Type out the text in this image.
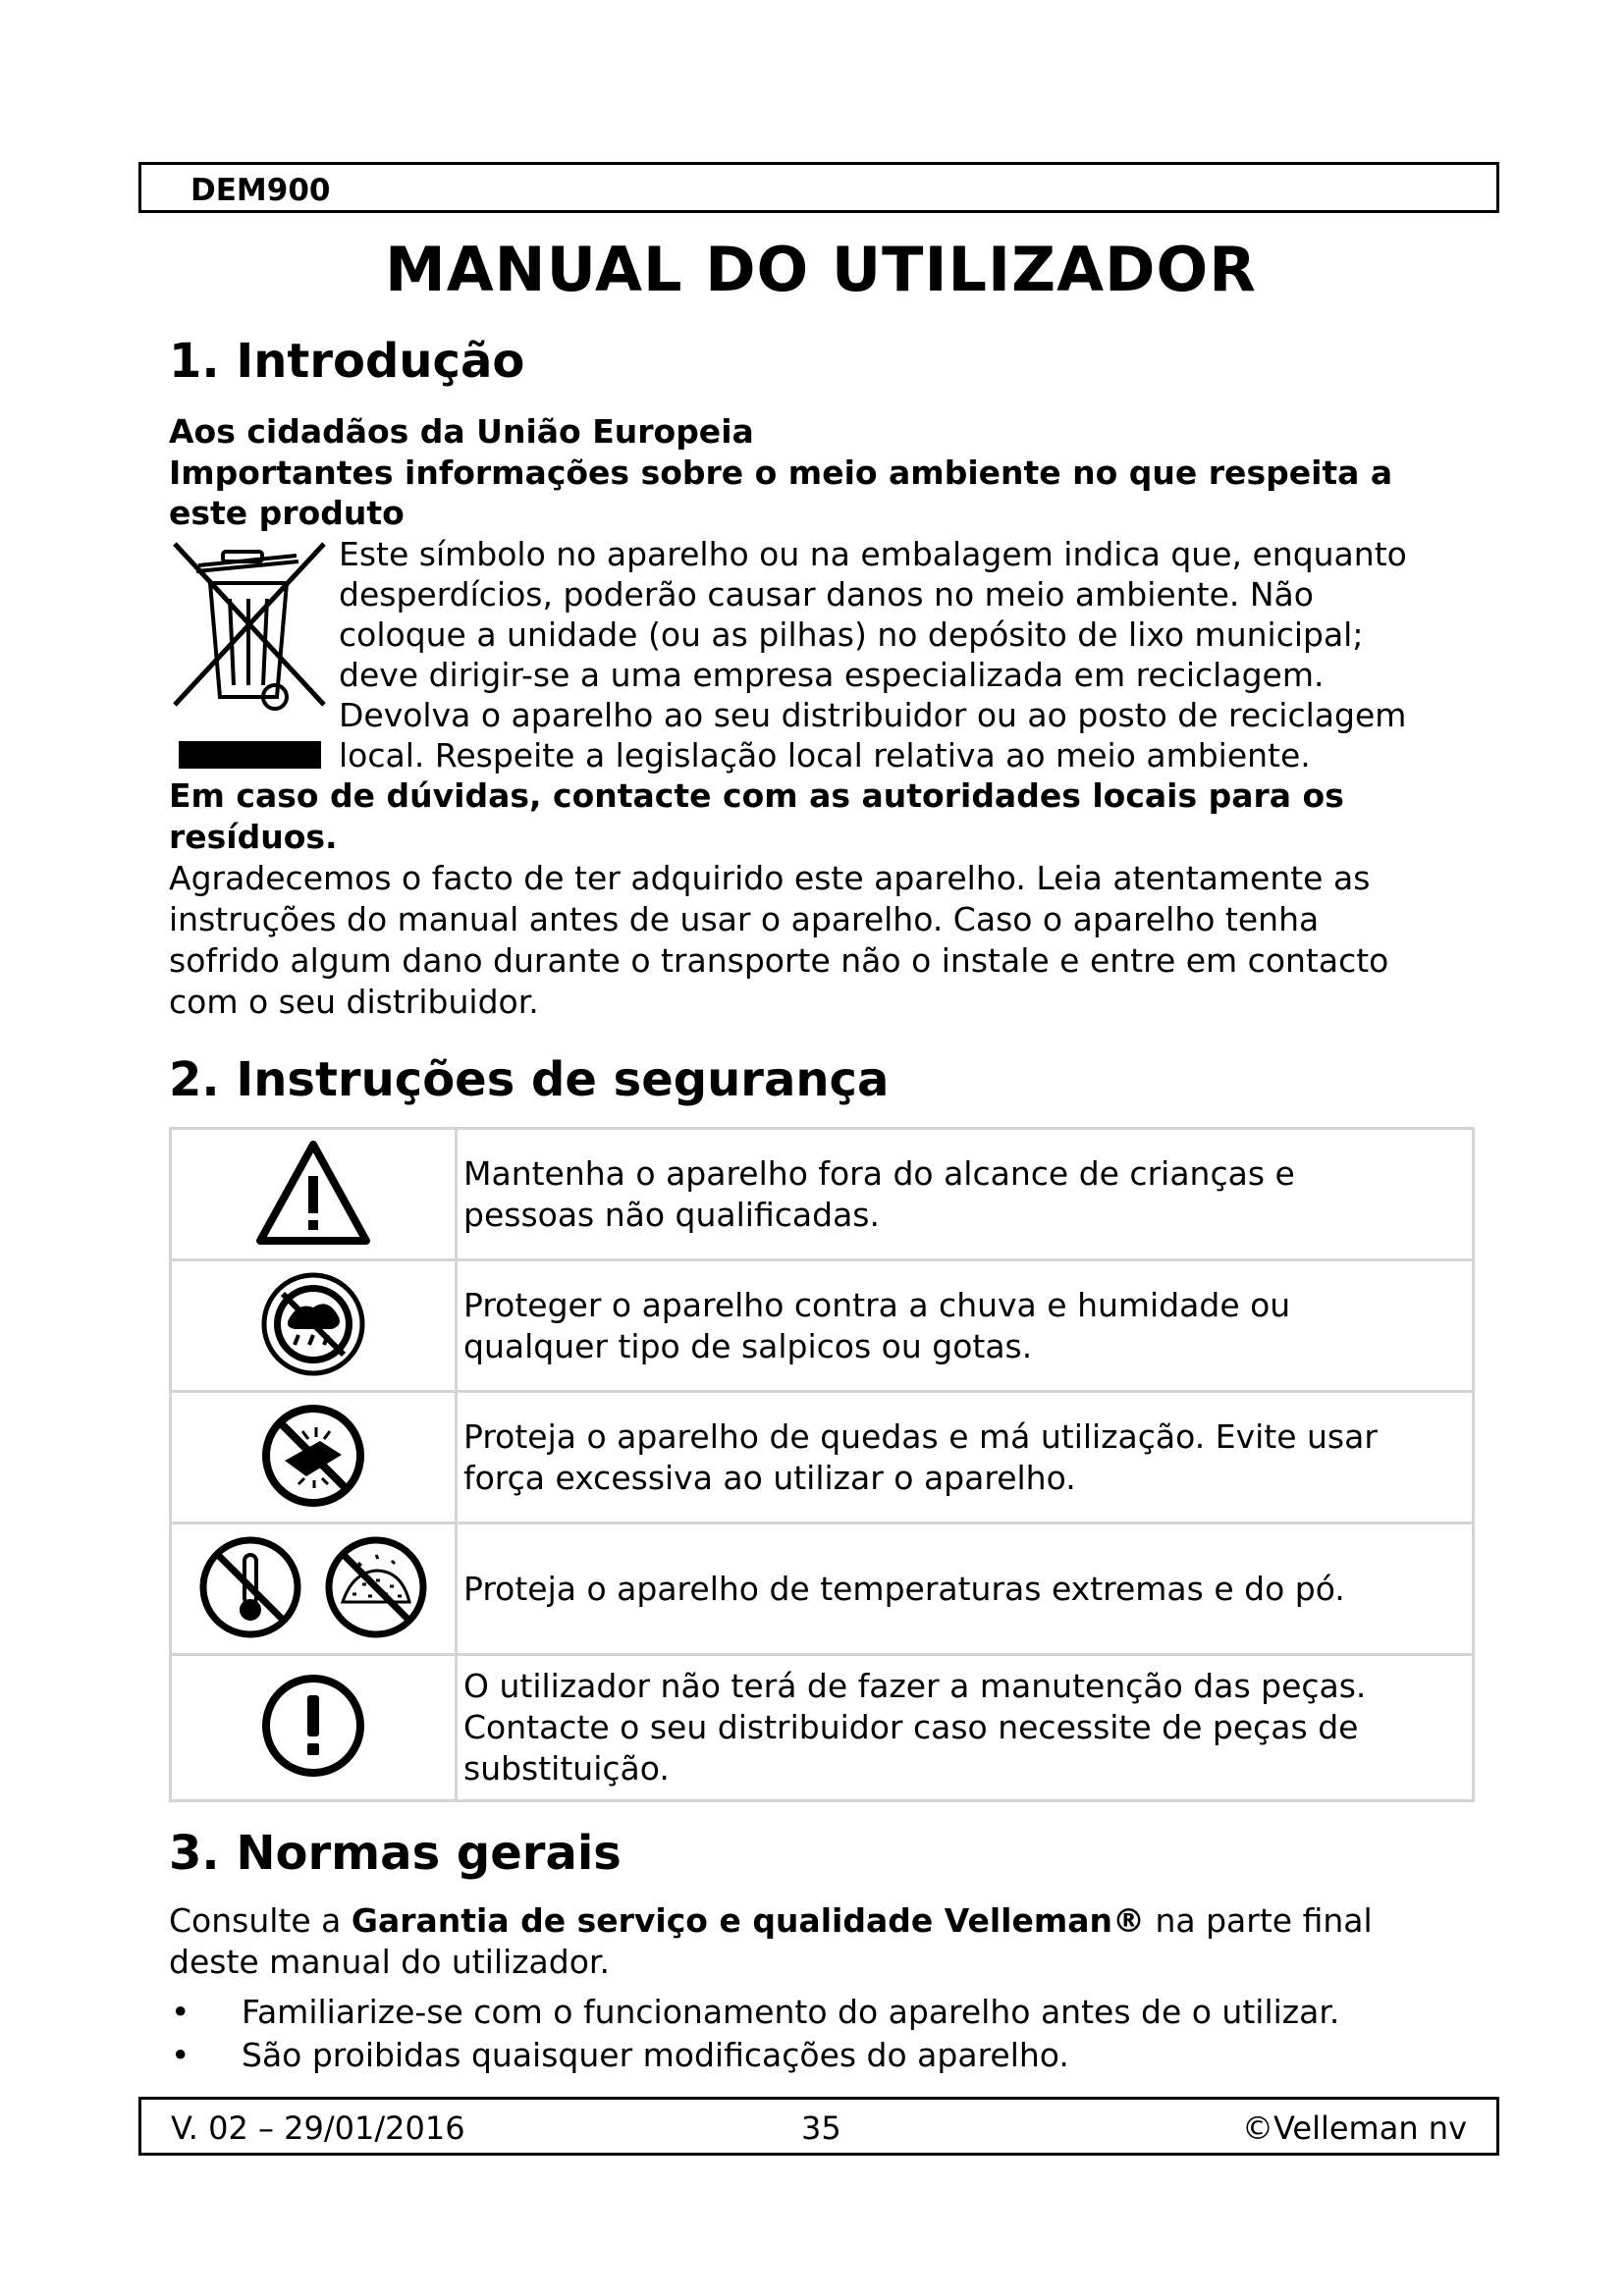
DEM900
MANUAL DO UTILIZADOR
1. Introdução
Aos cidadãos da União Europeia
Importantes informações sobre o meio ambiente no que respeita a
este produto
Este símbolo no aparelho ou na embalagem indica que, enquanto
desperdícios, poderão causar danos no meio ambiente. Não
coloque a unidade (ou as pilhas) no depósito de lixo municipal;
deve dirigir-se a uma empresa especializada em reciclagem.
Devolva o aparelho ao seu distribuidor ou ao posto de reciclagem
local. Respeite a legislação local relativa ao meio ambiente.
Em caso de dúvidas, contacte com as autoridades locais para os
resíduos.
Agradecemos o facto de ter adquirido este aparelho. Leia atentamente as
instruções do manual antes de usar o aparelho. Caso o aparelho tenha
sofrido algum dano durante o transporte não o instale e entre em contacto
com o seu distribuidor.
2. Instruções de segurança

Mantenha o aparelho fora do alcance de crianças e
pessoas não qualificadas.

Proteger o aparelho contra a chuva e humidade ou
qualquer tipo de salpicos ou gotas.

Proteja o aparelho de quedas e má utilização. Evite usar
força excessiva ao utilizar o aparelho.

Proteja o aparelho de temperaturas extremas e do pó.

O utilizador não terá de fazer a manutenção das peças.
Contacte o seu distribuidor caso necessite de peças de
substituição.
3. Normas gerais
Consulte a Garantia de serviço e qualidade Velleman® na parte final
deste manual do utilizador.
• Familiarize-se com o funcionamento do aparelho antes de o utilizar.
• São proibidas quaisquer modificações do aparelho.
V. 02 – 29/01/2016	35	©Velleman nv
